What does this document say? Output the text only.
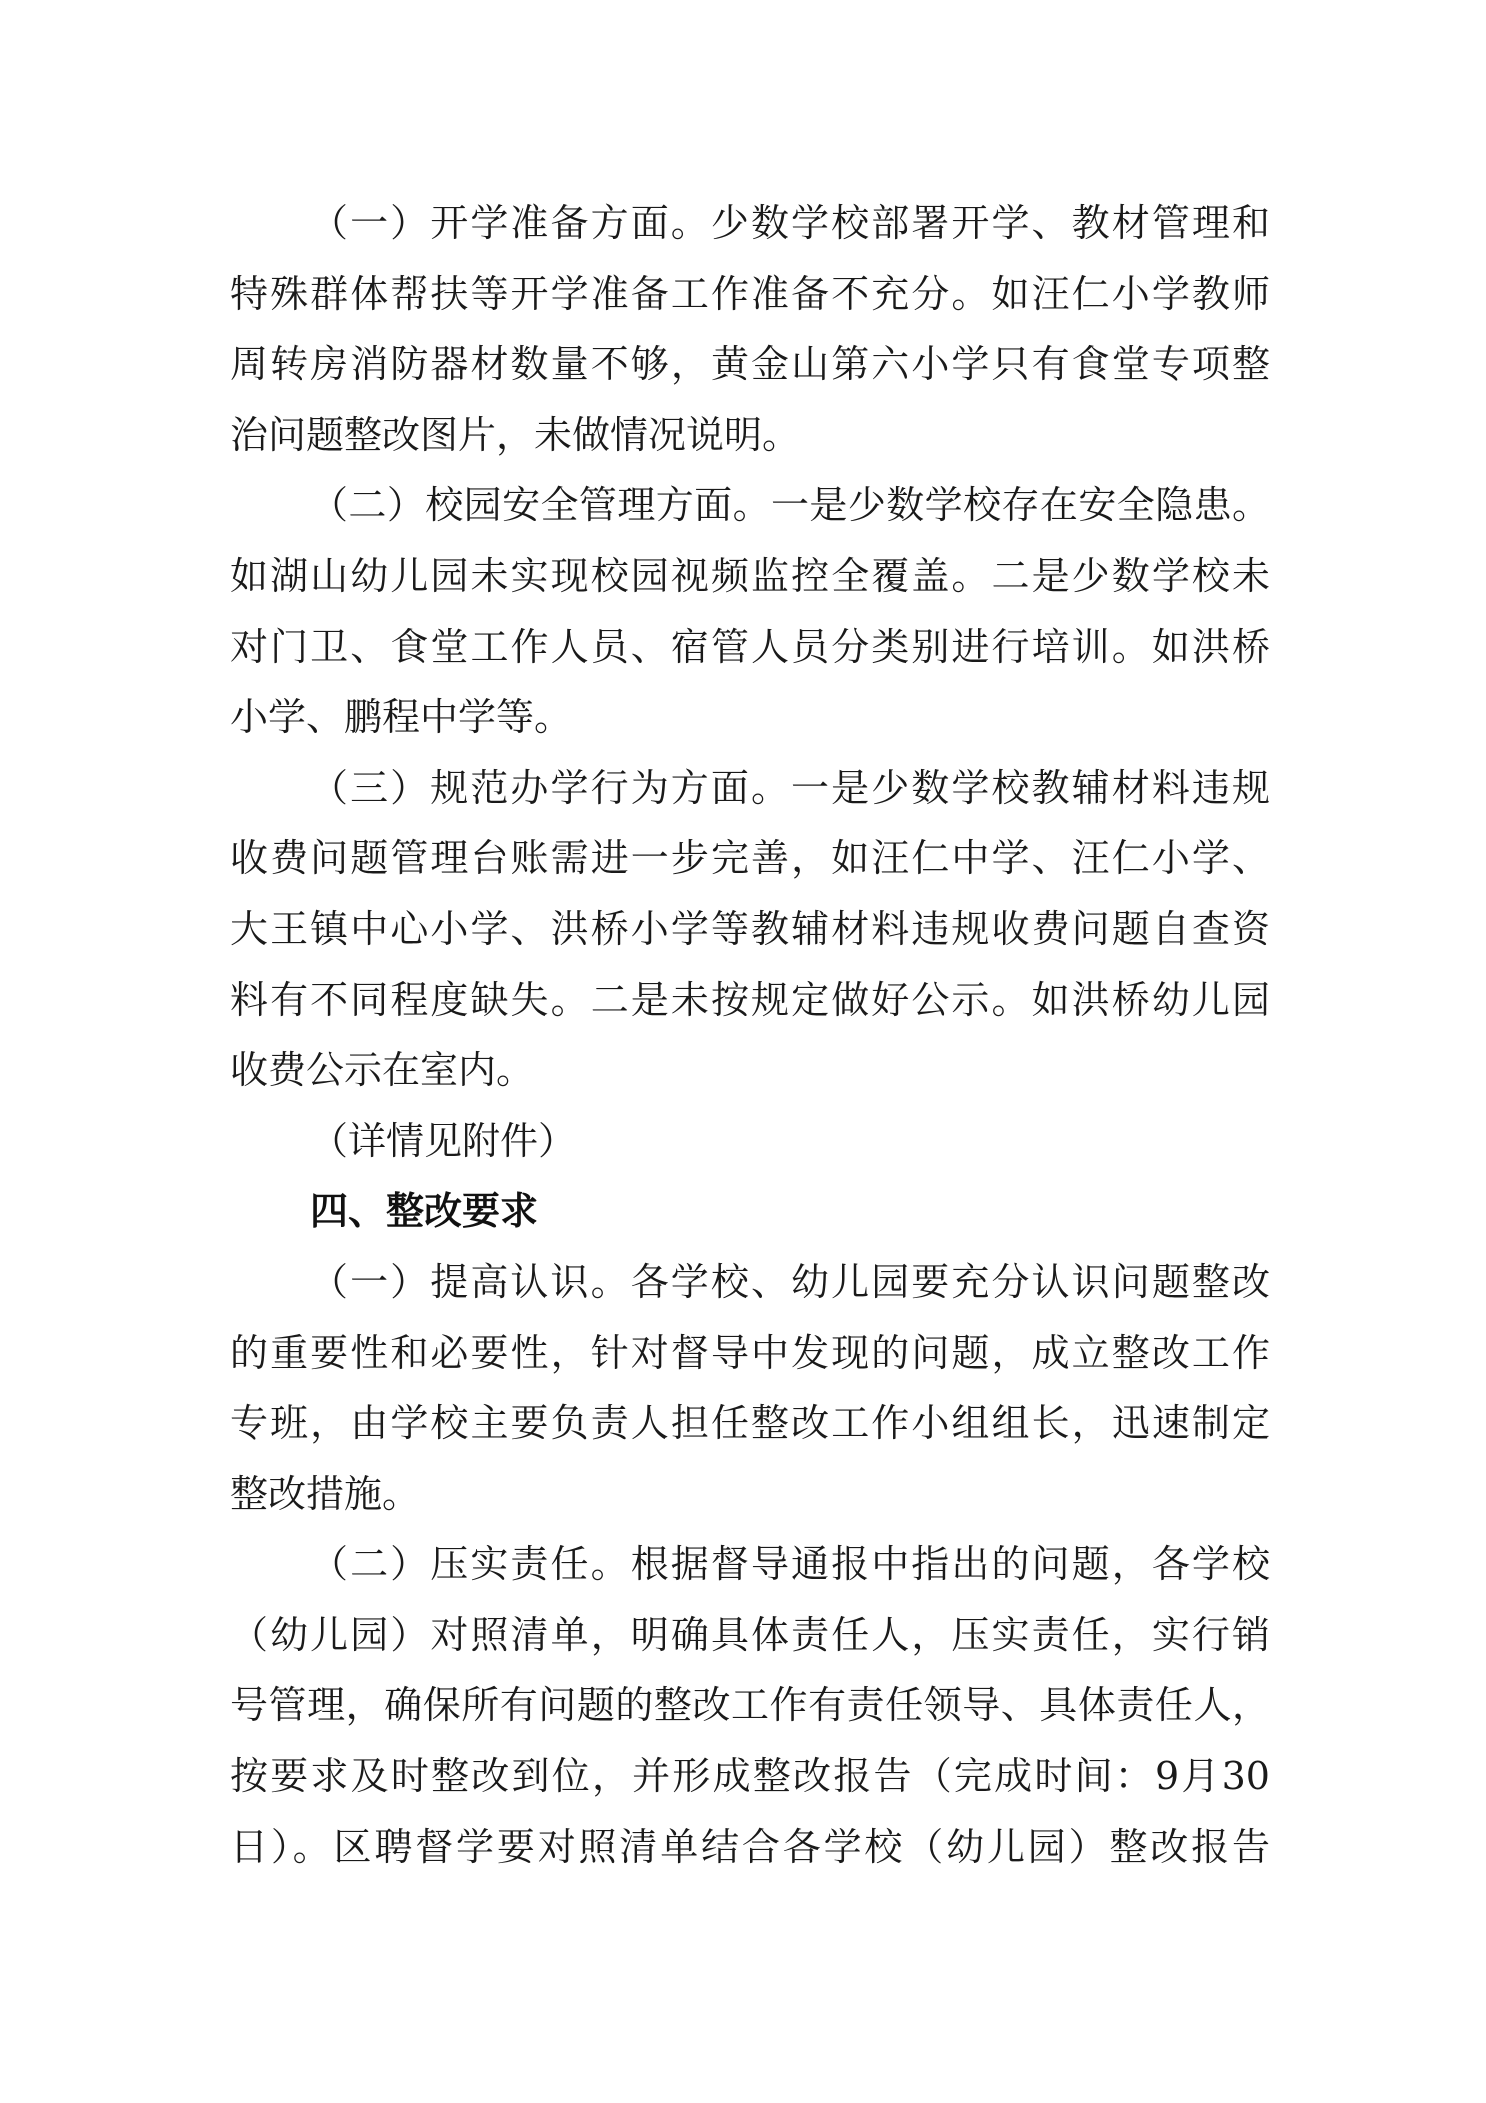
（一）开学准备方面。少数学校部署开学、教材管理和
特殊群体帮扶等开学准备工作准备不充分。如汪仁小学教师
周转房消防器材数量不够，黄金山第六小学只有食堂专项整
治问题整改图片，未做情况说明。
（二）校园安全管理方面。一是少数学校存在安全隐患。
如湖山幼儿园未实现校园视频监控全覆盖。二是少数学校未
对门卫、食堂工作人员、宿管人员分类别进行培训。如洪桥
小学、鹏程中学等。
（三）规范办学行为方面。一是少数学校教辅材料违规
收费问题管理台账需进一步完善，如汪仁中学、汪仁小学、
大王镇中心小学、洪桥小学等教辅材料违规收费问题自查资
料有不同程度缺失。二是未按规定做好公示。如洪桥幼儿园
收费公示在室内。
（详情见附件）
四、整改要求
（一）提高认识。各学校、幼儿园要充分认识问题整改
的重要性和必要性，针对督导中发现的问题，成立整改工作
专班，由学校主要负责人担任整改工作小组组长，迅速制定
整改措施。
（二）压实责任。根据督导通报中指出的问题，各学校
（幼儿园）对照清单，明确具体责任人，压实责任，实行销
号管理，确保所有问题的整改工作有责任领导、具体责任人，
按要求及时整改到位，并形成整改报告（完成时间：9月30
日）。区聘督学要对照清单结合各学校（幼儿园）整改报告
